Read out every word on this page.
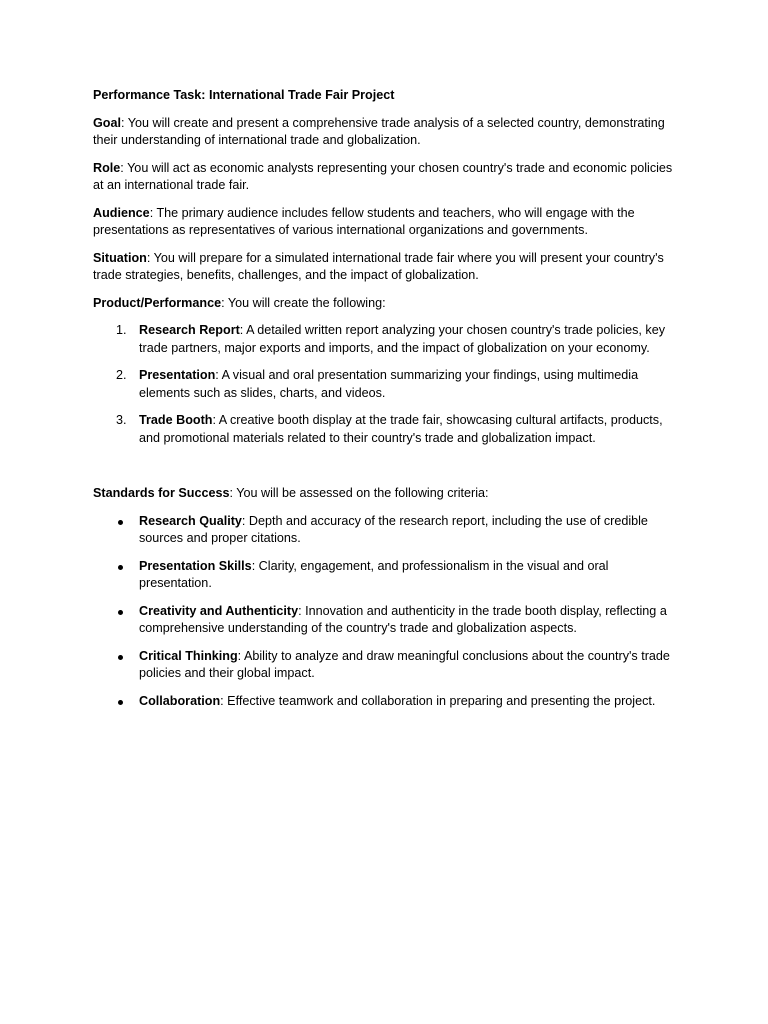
Performance Task: International Trade Fair Project

Goal: You will create and present a comprehensive trade analysis of a selected country, demonstrating their understanding of international trade and globalization.

Role: You will act as economic analysts representing your chosen country's trade and economic policies at an international trade fair.

Audience: The primary audience includes fellow students and teachers, who will engage with the presentations as representatives of various international organizations and governments.

Situation: You will prepare for a simulated international trade fair where you will present your country's trade strategies, benefits, challenges, and the impact of globalization.

Product/Performance: You will create the following:

1. Research Report: A detailed written report analyzing your chosen country's trade policies, key trade partners, major exports and imports, and the impact of globalization on your economy.
2. Presentation: A visual and oral presentation summarizing your findings, using multimedia elements such as slides, charts, and videos.
3. Trade Booth: A creative booth display at the trade fair, showcasing cultural artifacts, products, and promotional materials related to their country's trade and globalization impact.

Standards for Success: You will be assessed on the following criteria:

Research Quality: Depth and accuracy of the research report, including the use of credible sources and proper citations.
Presentation Skills: Clarity, engagement, and professionalism in the visual and oral presentation.
Creativity and Authenticity: Innovation and authenticity in the trade booth display, reflecting a comprehensive understanding of the country's trade and globalization aspects.
Critical Thinking: Ability to analyze and draw meaningful conclusions about the country's trade policies and their global impact.
Collaboration: Effective teamwork and collaboration in preparing and presenting the project.
